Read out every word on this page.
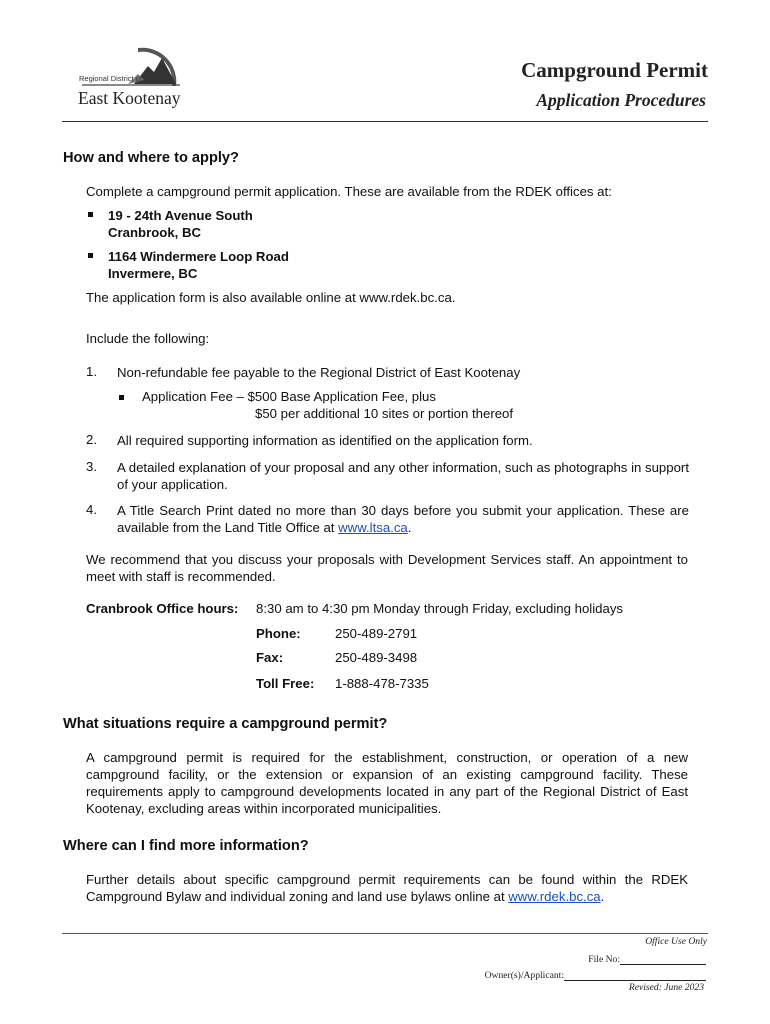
Regional District of
East Kootenay
Campground Permit
Application Procedures
How and where to apply?
Complete a campground permit application. These are available from the RDEK offices at:
19 - 24th Avenue South
Cranbrook, BC
1164 Windermere Loop Road
Invermere, BC
The application form is also available online at www.rdek.bc.ca.
Include the following:
1. Non-refundable fee payable to the Regional District of East Kootenay
Application Fee – $500 Base Application Fee, plus
$50 per additional 10 sites or portion thereof
2. All required supporting information as identified on the application form.
3. A detailed explanation of your proposal and any other information, such as photographs in support of your application.
4. A Title Search Print dated no more than 30 days before you submit your application. These are available from the Land Title Office at www.ltsa.ca.
We recommend that you discuss your proposals with Development Services staff. An appointment to meet with staff is recommended.
Cranbrook Office hours: 8:30 am to 4:30 pm Monday through Friday, excluding holidays
Phone:	250-489-2791
Fax:	250-489-3498
Toll Free: 1-888-478-7335
What situations require a campground permit?
A campground permit is required for the establishment, construction, or operation of a new campground facility, or the extension or expansion of an existing campground facility. These requirements apply to campground developments located in any part of the Regional District of East Kootenay, excluding areas within incorporated municipalities.
Where can I find more information?
Further details about specific campground permit requirements can be found within the RDEK Campground Bylaw and individual zoning and land use bylaws online at www.rdek.bc.ca.
Office Use Only
File No:
Owner(s)/Applicant:
Revised: June 2023
